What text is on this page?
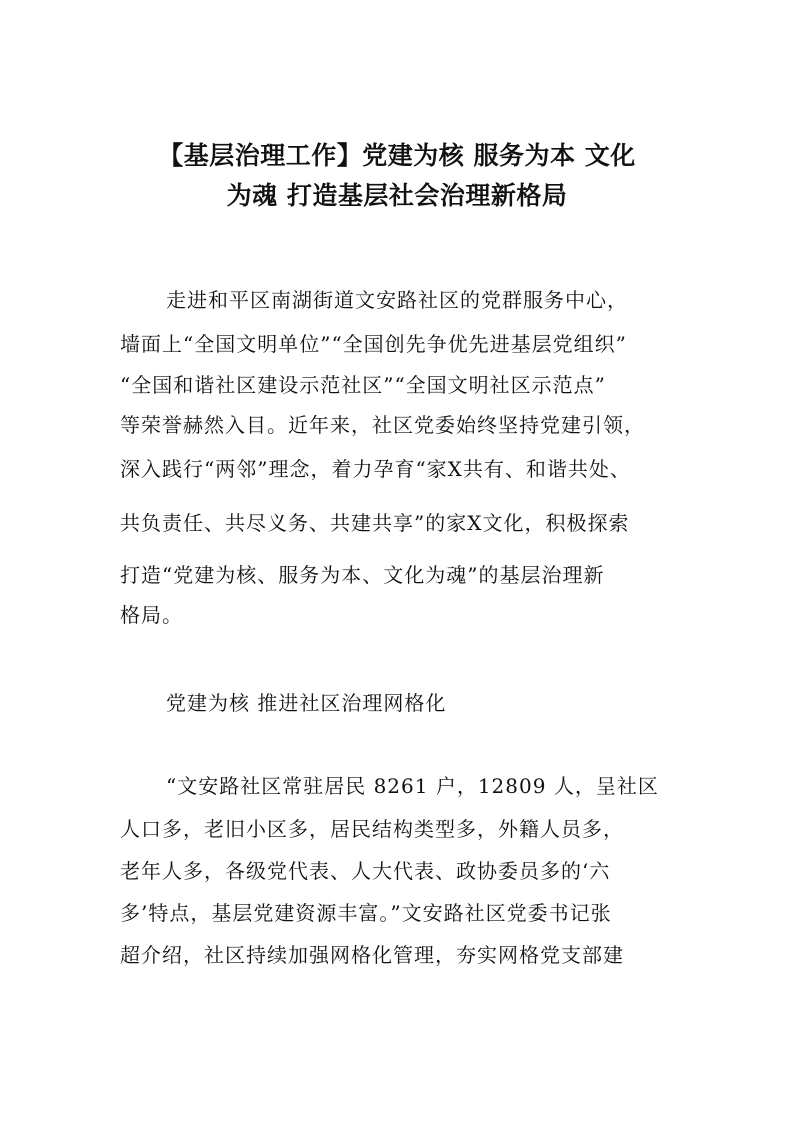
【基层治理工作】党建为核 服务为本 文化
为魂 打造基层社会治理新格局
走进和平区南湖街道文安路社区的党群服务中心，
墙面上“全国文明单位”“全国创先争优先进基层党组织”
“全国和谐社区建设示范社区”“全国文明社区示范点”
等荣誉赫然入目。近年来，社区党委始终坚持党建引领，
深入践行“两邻”理念，着力孕育“家X共有、和谐共处、
共负责任、共尽义务、共建共享”的家X文化，积极探索
打造“党建为核、服务为本、文化为魂”的基层治理新
格局。
党建为核 推进社区治理网格化
“文安路社区常驻居民 8261 户，12809 人，呈社区
人口多，老旧小区多，居民结构类型多，外籍人员多，
老年人多，各级党代表、人大代表、政协委员多的‘六
多’特点，基层党建资源丰富。”文安路社区党委书记张
超介绍，社区持续加强网格化管理，夯实网格党支部建
